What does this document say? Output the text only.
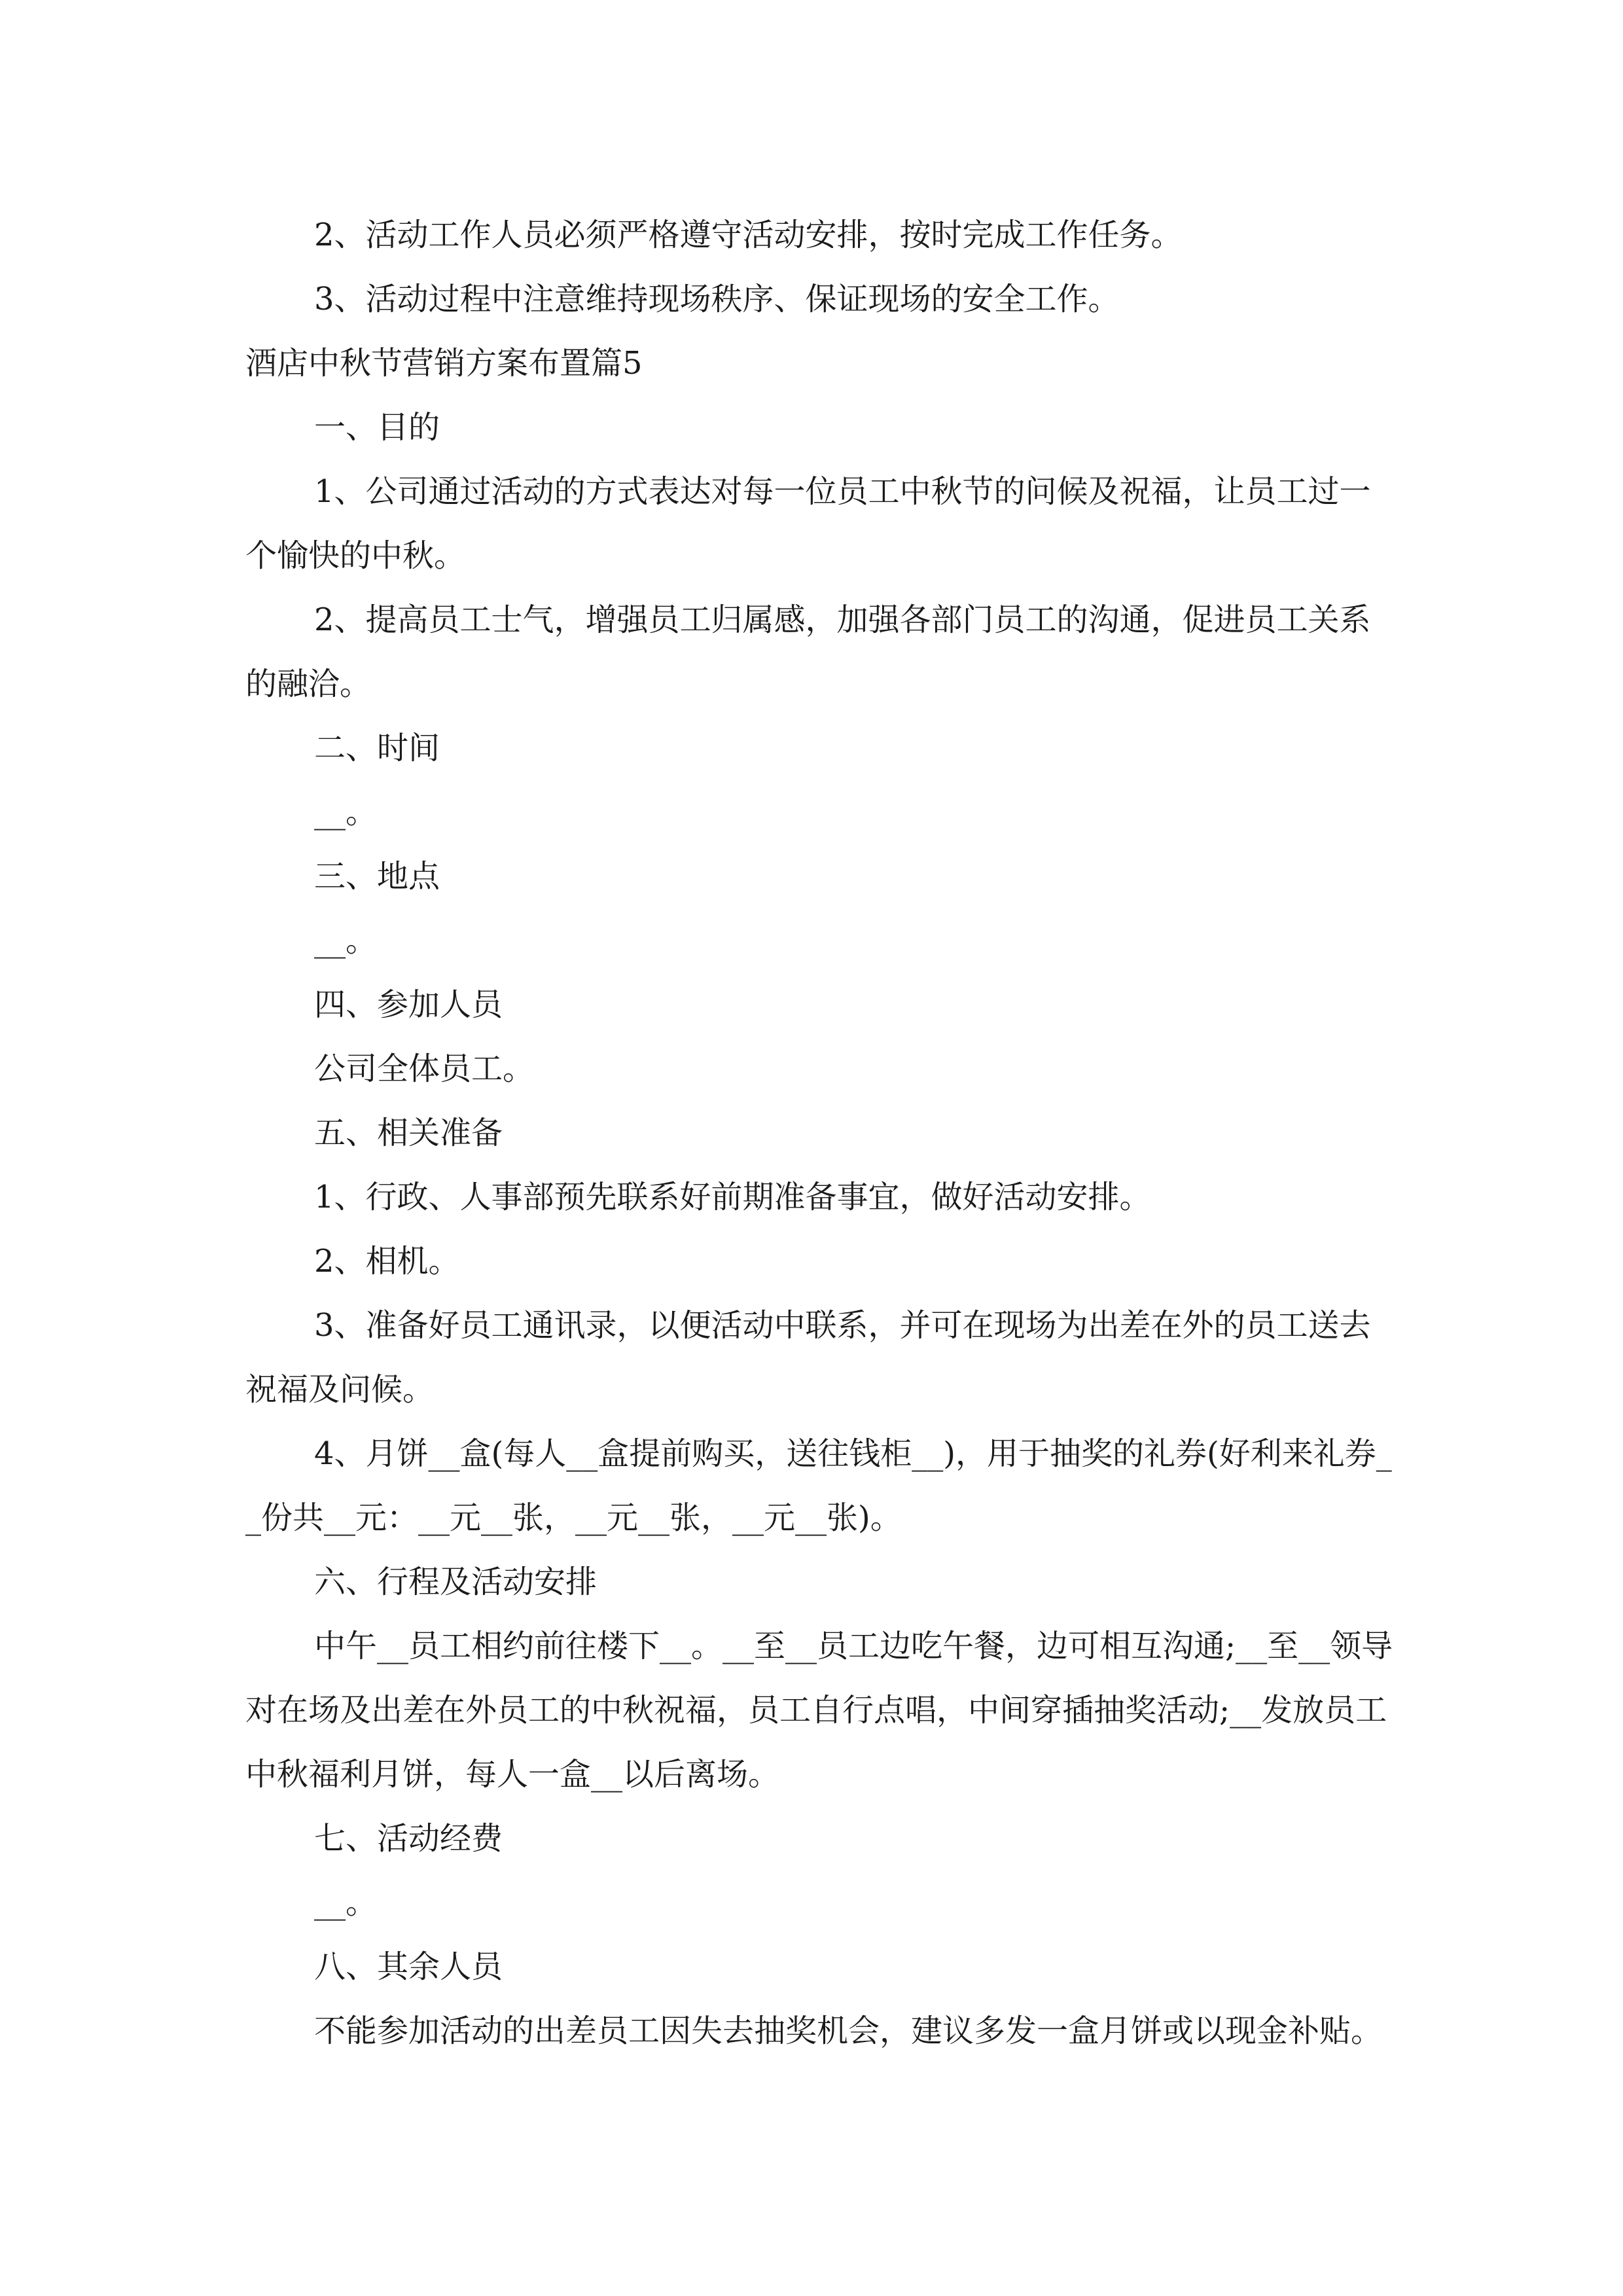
2、活动工作人员必须严格遵守活动安排，按时完成工作任务。

3、活动过程中注意维持现场秩序、保证现场的安全工作。

酒店中秋节营销方案布置篇5

一、目的

1、公司通过活动的方式表达对每一位员工中秋节的问候及祝福，让员工过一个愉快的中秋。

2、提高员工士气，增强员工归属感，加强各部门员工的沟通，促进员工关系的融洽。

二、时间

__。

三、地点

__。

四、参加人员

公司全体员工。

五、相关准备

1、行政、人事部预先联系好前期准备事宜，做好活动安排。

2、相机。

3、准备好员工通讯录，以便活动中联系，并可在现场为出差在外的员工送去祝福及问候。

4、月饼__盒(每人__盒提前购买，送往钱柜__)，用于抽奖的礼券(好利来礼券__份共__元：__元__张，__元__张，__元__张)。

六、行程及活动安排

中午__员工相约前往楼下__。__至__员工边吃午餐，边可相互沟通;__至__领导对在场及出差在外员工的中秋祝福，员工自行点唱，中间穿插抽奖活动;__发放员工中秋福利月饼，每人一盒__以后离场。

七、活动经费

__。

八、其余人员

不能参加活动的出差员工因失去抽奖机会，建议多发一盒月饼或以现金补贴。
